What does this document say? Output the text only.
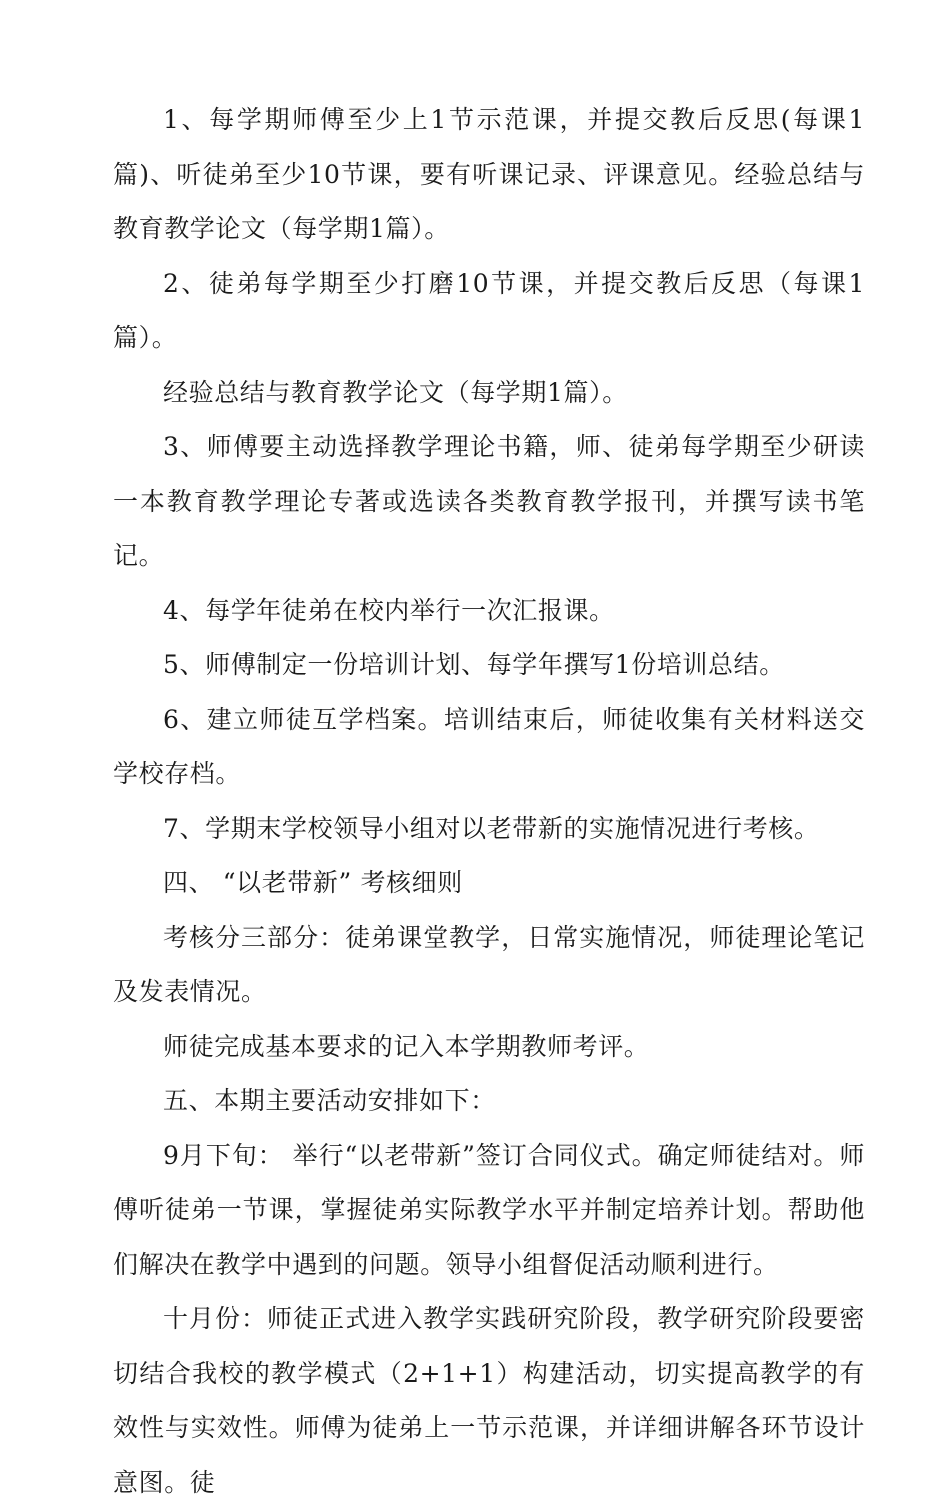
1、每学期师傅至少上1节示范课，并提交教后反思(每课1篇)、听徒弟至少10节课，要有听课记录、评课意见。经验总结与教育教学论文（每学期1篇）。

2、徒弟每学期至少打磨10节课，并提交教后反思（每课1篇）。

经验总结与教育教学论文（每学期1篇）。

3、师傅要主动选择教学理论书籍，师、徒弟每学期至少研读一本教育教学理论专著或选读各类教育教学报刊，并撰写读书笔记。

4、每学年徒弟在校内举行一次汇报课。

5、师傅制定一份培训计划、每学年撰写1份培训总结。

6、建立师徒互学档案。培训结束后，师徒收集有关材料送交学校存档。

7、学期末学校领导小组对以老带新的实施情况进行考核。

四、 “以老带新” 考核细则

考核分三部分：徒弟课堂教学，日常实施情况，师徒理论笔记及发表情况。

师徒完成基本要求的记入本学期教师考评。

五、本期主要活动安排如下：

9月下旬： 举行“以老带新”签订合同仪式。确定师徒结对。师傅听徒弟一节课，掌握徒弟实际教学水平并制定培养计划。帮助他们解决在教学中遇到的问题。领导小组督促活动顺利进行。

十月份：师徒正式进入教学实践研究阶段，教学研究阶段要密切结合我校的教学模式（2+1+1）构建活动，切实提高教学的有效性与实效性。师傅为徒弟上一节示范课，并详细讲解各环节设计意图。徒
